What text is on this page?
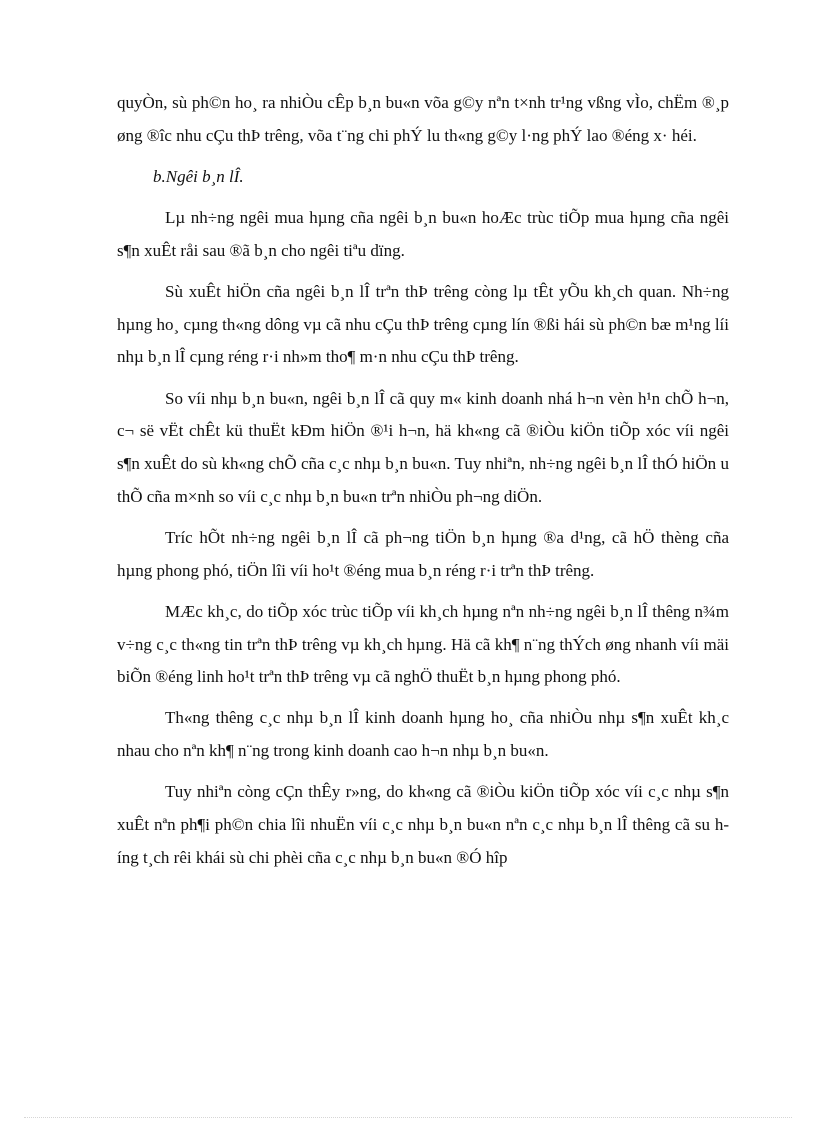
quyÒn, sù ph©n ho¸ ra nhiÒu cÊp b¸n bu«n võa g©y nªn t×nh tr¹ng vßng vÌo, chËm ®¸p øng ®îc nhu cÇu thÞ trêng, võa t¨ng chi phÝ lu th«ng g©y l·ng phÝ lao ®éng x· héi.

b.Ngêi b¸n lÎ.

Lµ nh÷ng ngêi mua hµng cña ngêi b¸n bu«n hoÆc trùc tiÕp mua hµng cña ngêi s¶n xuÊt råi sau ®ã b¸n cho ngêi tiªu dïng.

Sù xuÊt hiÖn cña ngêi b¸n lÎ trªn thÞ trêng còng lµ tÊt yÕu kh¸ch quan. Nh÷ng hµng ho¸ cµng th«ng dông vµ cã nhu cÇu thÞ trêng cµng lín ®ßi hái sù ph©n bæ m¹ng líi nhµ b¸n lÎ cµng réng r·i nh»m tho¶ m·n nhu cÇu thÞ trêng.

So víi nhµ b¸n bu«n, ngêi b¸n lÎ cã quy m« kinh doanh nhá h¬n vèn h¹n chÕ h¬n, c¬ së vËt chÊt kü thuËt kÐm hiÖn ®¹i h¬n, hä kh«ng cã ®iÒu kiÖn tiÕp xóc víi ngêi s¶n xuÊt do sù kh«ng chÕ cña c¸c nhµ b¸n bu«n. Tuy nhiªn, nh÷ng ngêi b¸n lÎ thÓ hiÖn u thÕ cña m×nh so víi c¸c nhµ b¸n bu«n trªn nhiÒu ph¬ng diÖn.

Tríc hÕt nh÷ng ngêi b¸n lÎ cã ph¬ng tiÖn b¸n hµng ®a d¹ng, cã hÖ thèng cña hµng phong phó, tiÖn lîi víi ho¹t ®éng mua b¸n réng r·i trªn thÞ trêng.

MÆc kh¸c, do tiÕp xóc trùc tiÕp víi kh¸ch hµng nªn nh÷ng ngêi b¸n lÎ thêng n¾m v÷ng c¸c th«ng tin trªn thÞ trêng vµ kh¸ch hµng. Hä cã kh¶ n¨ng thÝch øng nhanh víi mäi biÕn ®éng linh ho¹t trªn thÞ trêng vµ cã nghÖ thuËt b¸n hµng phong phó.

Th«ng thêng c¸c nhµ b¸n lÎ kinh doanh hµng ho¸ cña nhiÒu nhµ s¶n xuÊt kh¸c nhau cho nªn kh¶ n¨ng trong kinh doanh cao h¬n nhµ b¸n bu«n.

Tuy nhiªn còng cÇn thÊy r»ng, do kh«ng cã ®iÒu kiÖn tiÕp xóc víi c¸c nhµ s¶n xuÊt nªn ph¶i ph©n chia lîi nhuËn víi c¸c nhµ b¸n bu«n nªn c¸c nhµ b¸n lÎ thêng cã su híng t¸ch rêi khái sù chi phèi cña c¸c nhµ b¸n bu«n ®Ó hîp
